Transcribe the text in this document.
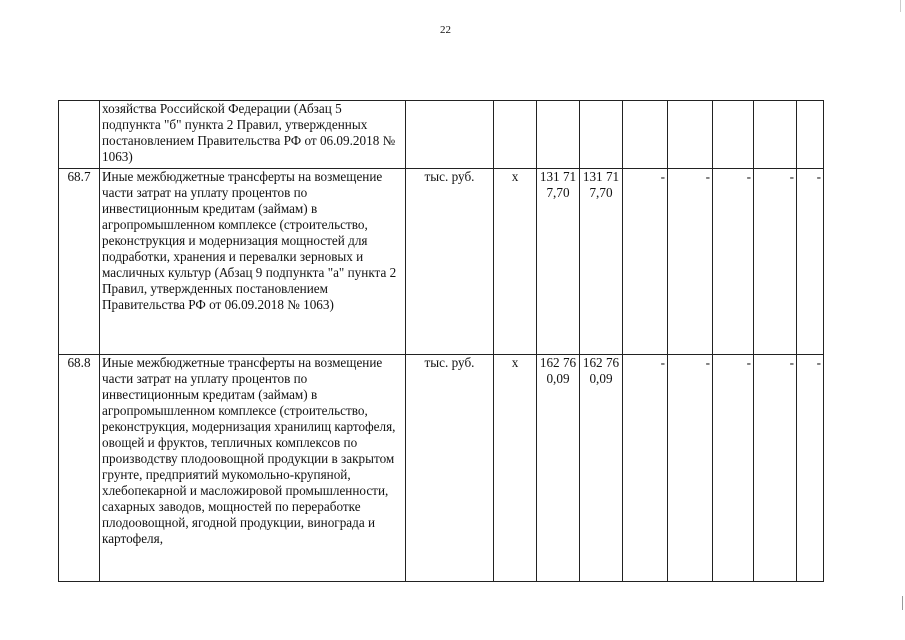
22
	хозяйства Российской Федерации (Абзац 5 подпункта "б" пункта 2 Правил, утвержденных постановлением Правительства РФ от 06.09.2018 № 1063)									
68.7	Иные межбюджетные трансферты на возмещение части затрат на уплату процентов по инвестиционным кредитам (займам) в агропромышленном комплексе (строительство, реконструкция и модернизация мощностей для подработки, хранения и перевалки зерновых и масличных культур (Абзац 9 подпункта "а" пункта 2 Правил, утвержденных постановлением Правительства РФ от 06.09.2018 № 1063)	тыс. руб.	x	131 717,70	131 717,70	-	-	-	-	-
68.8	Иные межбюджетные трансферты на возмещение части затрат на уплату процентов по инвестиционным кредитам (займам) в агропромышленном комплексе (строительство, реконструкция, модернизация хранилищ картофеля, овощей и фруктов, тепличных комплексов по производству плодоовощной продукции в закрытом грунте, предприятий мукомольно-крупяной, хлебопекарной и масложировой промышленности, сахарных заводов, мощностей по переработке плодоовощной, ягодной продукции, винограда и картофеля,	тыс. руб.	x	162 760,09	162 760,09	-	-	-	-	-
